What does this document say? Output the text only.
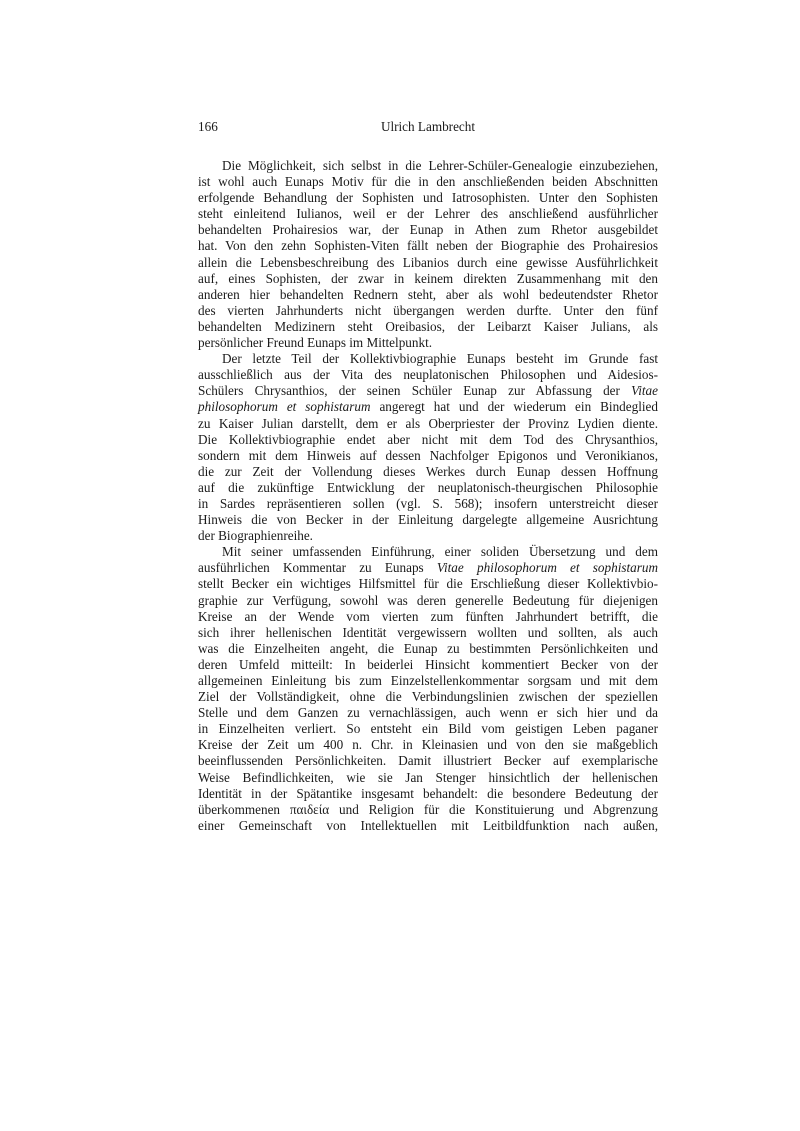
166	Ulrich Lambrecht
Die Möglichkeit, sich selbst in die Lehrer-Schüler-Genealogie einzubeziehen,
ist wohl auch Eunaps Motiv für die in den anschließenden beiden Abschnitten
erfolgende Behandlung der Sophisten und Iatrosophisten. Unter den Sophisten
steht einleitend Iulianos, weil er der Lehrer des anschließend ausführlicher
behandelten Prohairesios war, der Eunap in Athen zum Rhetor ausgebildet
hat. Von den zehn Sophisten-Viten fällt neben der Biographie des Prohairesios
allein die Lebensbeschreibung des Libanios durch eine gewisse Ausführlichkeit
auf, eines Sophisten, der zwar in keinem direkten Zusammenhang mit den
anderen hier behandelten Rednern steht, aber als wohl bedeutendster Rhetor
des vierten Jahrhunderts nicht übergangen werden durfte. Unter den fünf
behandelten Medizinern steht Oreibasios, der Leibarzt Kaiser Julians, als
persönlicher Freund Eunaps im Mittelpunkt.
Der letzte Teil der Kollektivbiographie Eunaps besteht im Grunde fast
ausschließlich aus der Vita des neuplatonischen Philosophen und Aidesios-
Schülers Chrysanthios, der seinen Schüler Eunap zur Abfassung der Vitae
philosophorum et sophistarum angeregt hat und der wiederum ein Bindeglied
zu Kaiser Julian darstellt, dem er als Oberpriester der Provinz Lydien diente.
Die Kollektivbiographie endet aber nicht mit dem Tod des Chrysanthios,
sondern mit dem Hinweis auf dessen Nachfolger Epigonos und Veronikianos,
die zur Zeit der Vollendung dieses Werkes durch Eunap dessen Hoffnung
auf die zukünftige Entwicklung der neuplatonisch-theurgischen Philosophie
in Sardes repräsentieren sollen (vgl. S. 568); insofern unterstreicht dieser
Hinweis die von Becker in der Einleitung dargelegte allgemeine Ausrichtung
der Biographienreihe.
Mit seiner umfassenden Einführung, einer soliden Übersetzung und dem
ausführlichen Kommentar zu Eunaps Vitae philosophorum et sophistarum
stellt Becker ein wichtiges Hilfsmittel für die Erschließung dieser Kollektivbio-
graphie zur Verfügung, sowohl was deren generelle Bedeutung für diejenigen
Kreise an der Wende vom vierten zum fünften Jahrhundert betrifft, die
sich ihrer hellenischen Identität vergewissern wollten und sollten, als auch
was die Einzelheiten angeht, die Eunap zu bestimmten Persönlichkeiten und
deren Umfeld mitteilt: In beiderlei Hinsicht kommentiert Becker von der
allgemeinen Einleitung bis zum Einzelstellenkommentar sorgsam und mit dem
Ziel der Vollständigkeit, ohne die Verbindungslinien zwischen der speziellen
Stelle und dem Ganzen zu vernachlässigen, auch wenn er sich hier und da
in Einzelheiten verliert. So entsteht ein Bild vom geistigen Leben paganer
Kreise der Zeit um 400 n. Chr. in Kleinasien und von den sie maßgeblich
beeinflussenden Persönlichkeiten. Damit illustriert Becker auf exemplarische
Weise Befindlichkeiten, wie sie Jan Stenger hinsichtlich der hellenischen
Identität in der Spätantike insgesamt behandelt: die besondere Bedeutung der
überkommenen παιδεία und Religion für die Konstituierung und Abgrenzung
einer Gemeinschaft von Intellektuellen mit Leitbildfunktion nach außen,
